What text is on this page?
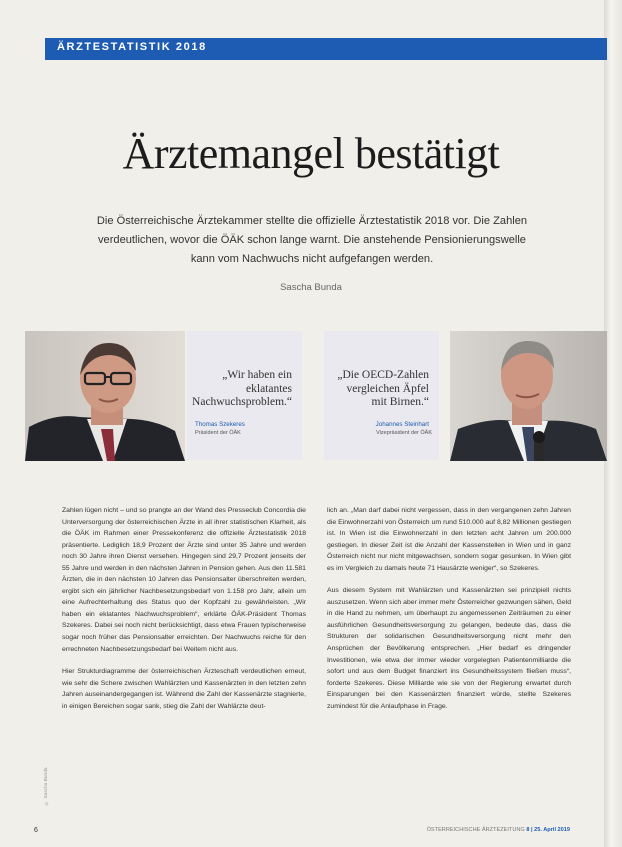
ÄRZTESTATISTIK 2018
Ärztemangel bestätigt
Die Österreichische Ärztekammer stellte die offizielle Ärztestatistik 2018 vor. Die Zahlen verdeutlichen, wovor die ÖÄK schon lange warnt. Die anstehende Pensionierungswelle kann vom Nachwuchs nicht aufgefangen werden.
Sascha Bunda
„Wir haben ein eklatantes Nachwuchsproblem.“
Thomas Szekeres
Präsident der ÖÄK
„Die OECD-Zahlen vergleichen Äpfel mit Birnen.“
Johannes Steinhart
Vizepräsident der ÖÄK

Zahlen lügen nicht – und so prangte an der Wand des Presseclub Concordia die Unterversorgung der österreichischen Ärzte in all ihrer statistischen Klarheit, als die ÖÄK im Rahmen einer Pressekonferenz die offizielle Ärztestatistik 2018 präsentierte. Lediglich 18,9 Prozent der Ärzte sind unter 35 Jahre und werden noch 30 Jahre ihren Dienst versehen. Hingegen sind 29,7 Prozent jenseits der 55 Jahre und werden in den nächsten Jahren in Pension gehen. Aus den 11.581 Ärzten, die in den nächsten 10 Jahren das Pensionsalter überschreiten werden, ergibt sich ein jährlicher Nachbesetzungsbedarf von 1.158 pro Jahr, allein um eine Aufrechterhaltung des Status quo der Kopfzahl zu gewährleisten. „Wir haben ein eklatantes Nachwuchsproblem“, erklärte ÖÄK-Präsident Thomas Szekeres. Dabei sei noch nicht berücksichtigt, dass etwa Frauen typischerweise sogar noch früher das Pensionsalter erreichten. Der Nachwuchs reiche für den errechneten Nachbesetzungsbedarf bei Weitem nicht aus.

Hier Strukturdiagramme der österreichischen Ärzteschaft verdeutlichen erneut, wie sehr die Schere zwischen Wahlärzten und Kassenärzten in den letzten zehn Jahren auseinandergegangen ist. Während die Zahl der Kassenärzte stagnierte, in einigen Bereichen sogar sank, stieg die Zahl der Wahlärzte deut-

lich an. „Man darf dabei nicht vergessen, dass in den vergangenen zehn Jahren die Einwohnerzahl von Österreich um rund 510.000 auf 8,82 Millionen gestiegen ist. In Wien ist die Einwohnerzahl in den letzten acht Jahren um 200.000 gestiegen. In dieser Zeit ist die Anzahl der Kassenstellen in Wien und in ganz Österreich nicht nur nicht mitgewachsen, sondern sogar gesunken. In Wien gibt es im Vergleich zu damals heute 71 Hausärzte weniger“, so Szekeres.

Aus diesem System mit Wahlärzten und Kassenärzten sei prinzipiell nichts auszusetzen. Wenn sich aber immer mehr Österreicher gezwungen sähen, Geld in die Hand zu nehmen, um überhaupt zu angemessenen Zeiträumen zu einer ausführlichen Gesundheitsversorgung zu gelangen, bedeute das, dass die Strukturen der solidarischen Gesundheitsversorgung nicht mehr den Ansprüchen der Bevölkerung entsprechen. „Hier bedarf es dringender Investitionen, wie etwa der immer wieder vorgelegten Patientenmilliarde die sofort und aus dem Budget finanziert ins Gesundheitssystem fließen muss“, forderte Szekeres. Diese Milliarde wie sie von der Regierung erwartet durch Einsparungen bei den Kassenärzten finanziert würde, stellte Szekeres zumindest für die Anlaufphase in Frage.

© Sascha Bunda
6	ÖSTERREICHISCHE ÄRZTEZEITUNG 8 | 25. April 2019
